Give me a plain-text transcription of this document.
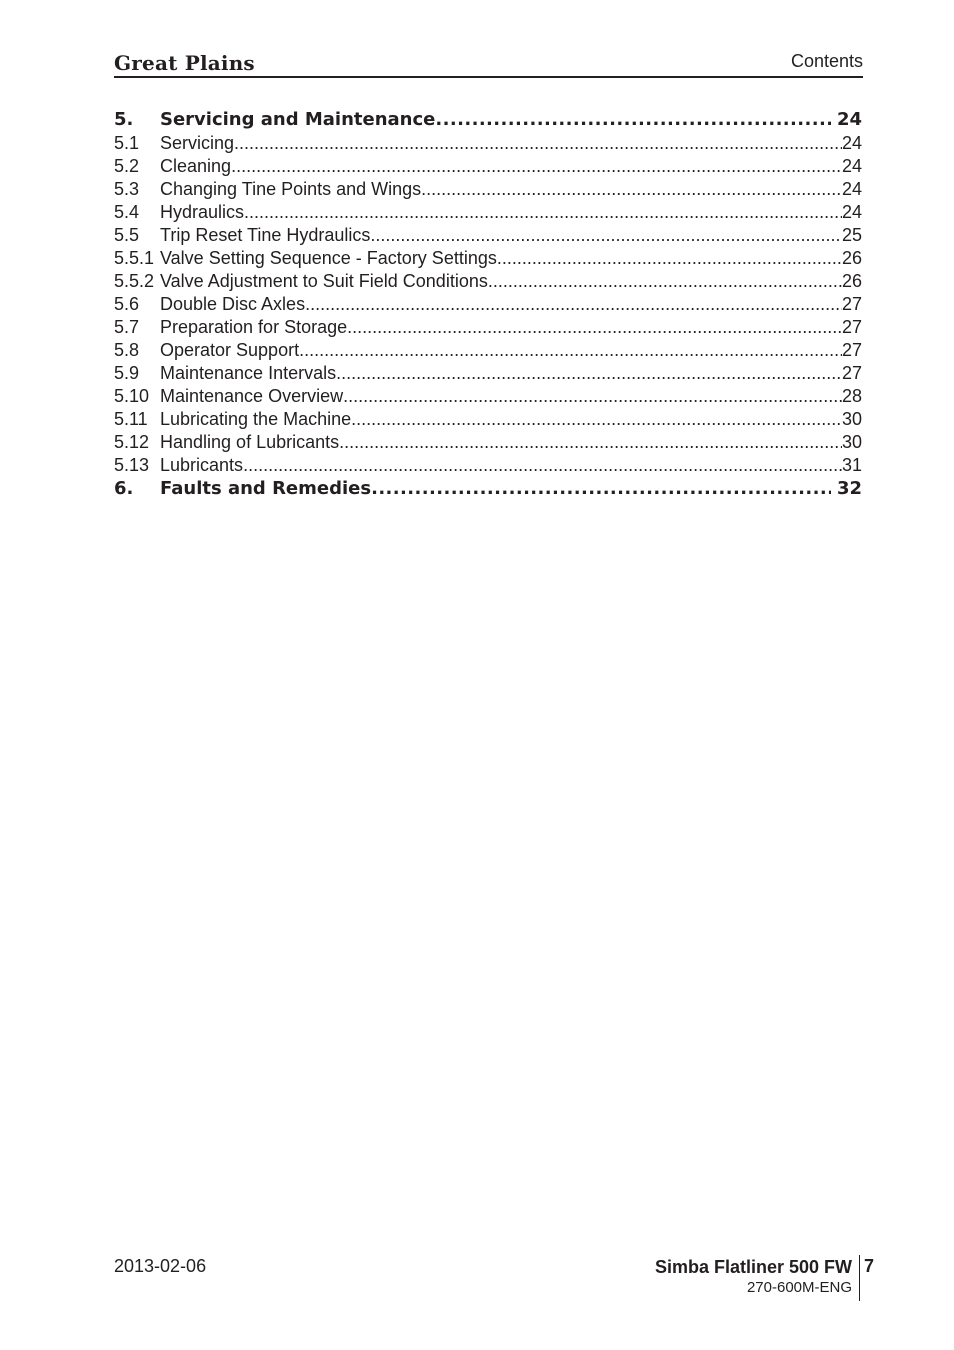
Great Plains	Contents
5.	Servicing and Maintenance .....	24
5.1	Servicing .....	24
5.2	Cleaning .....	24
5.3	Changing Tine Points and Wings .....	24
5.4	Hydraulics .....	24
5.5	Trip Reset Tine Hydraulics .....	25
5.5.1 Valve Setting Sequence - Factory Settings .....	26
5.5.2 Valve Adjustment to Suit Field Conditions .....	26
5.6	Double Disc Axles .....	27
5.7	Preparation for Storage .....	27
5.8	Operator Support .....	27
5.9	Maintenance Intervals .....	27
5.10 Maintenance Overview .....	28
5.11 Lubricating the Machine .....	30
5.12 Handling of Lubricants .....	30
5.13 Lubricants .....	31
6.	Faults and Remedies .....	32
2013-02-06	Simba Flatliner 500 FW
270-600M-ENG
7
